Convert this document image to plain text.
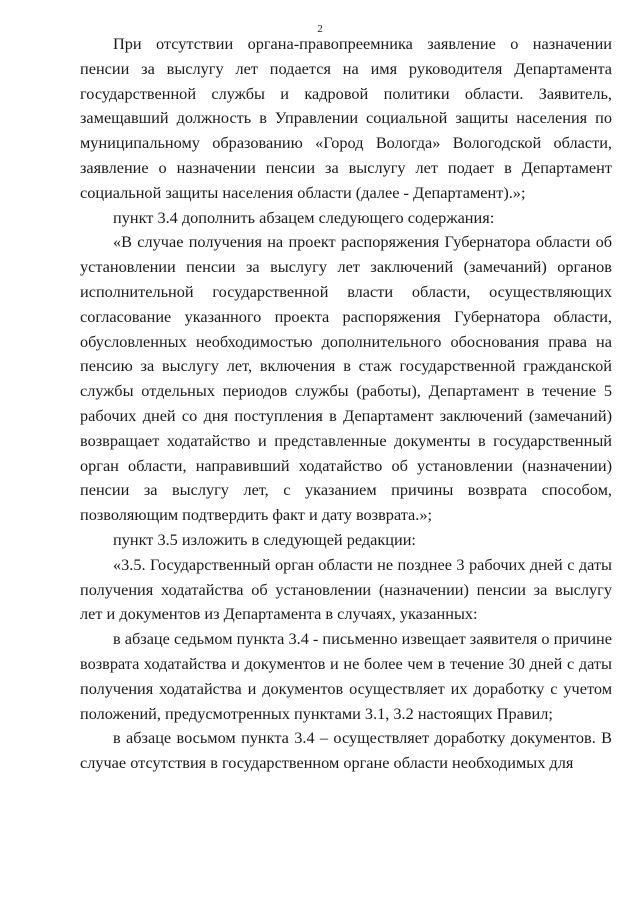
2

При отсутствии органа-правопреемника заявление о назначении пенсии за выслугу лет подается на имя руководителя Департамента государственной службы и кадровой политики области. Заявитель, замещавший должность в Управлении социальной защиты населения по муниципальному образованию «Город Вологда» Вологодской области, заявление о назначении пенсии за выслугу лет подает в Департамент социальной защиты населения области (далее - Департамент).»;

пункт 3.4 дополнить абзацем следующего содержания:

«В случае получения на проект распоряжения Губернатора области об установлении пенсии за выслугу лет заключений (замечаний) органов исполнительной государственной власти области, осуществляющих согласование указанного проекта распоряжения Губернатора области, обусловленных необходимостью дополнительного обоснования права на пенсию за выслугу лет, включения в стаж государственной гражданской службы отдельных периодов службы (работы), Департамент в течение 5 рабочих дней со дня поступления в Департамент заключений (замечаний) возвращает ходатайство и представленные документы в государственный орган области, направивший ходатайство об установлении (назначении) пенсии за выслугу лет, с указанием причины возврата способом, позволяющим подтвердить факт и дату возврата.»;

пункт 3.5 изложить в следующей редакции:

«3.5. Государственный орган области не позднее 3 рабочих дней с даты получения ходатайства об установлении (назначении) пенсии за выслугу лет и документов из Департамента в случаях, указанных:

в абзаце седьмом пункта 3.4 - письменно извещает заявителя о причине возврата ходатайства и документов и не более чем в течение 30 дней с даты получения ходатайства и документов осуществляет их доработку с учетом положений, предусмотренных пунктами 3.1, 3.2 настоящих Правил;

в абзаце восьмом пункта 3.4 – осуществляет доработку документов. В случае отсутствия в государственном органе области необходимых для
